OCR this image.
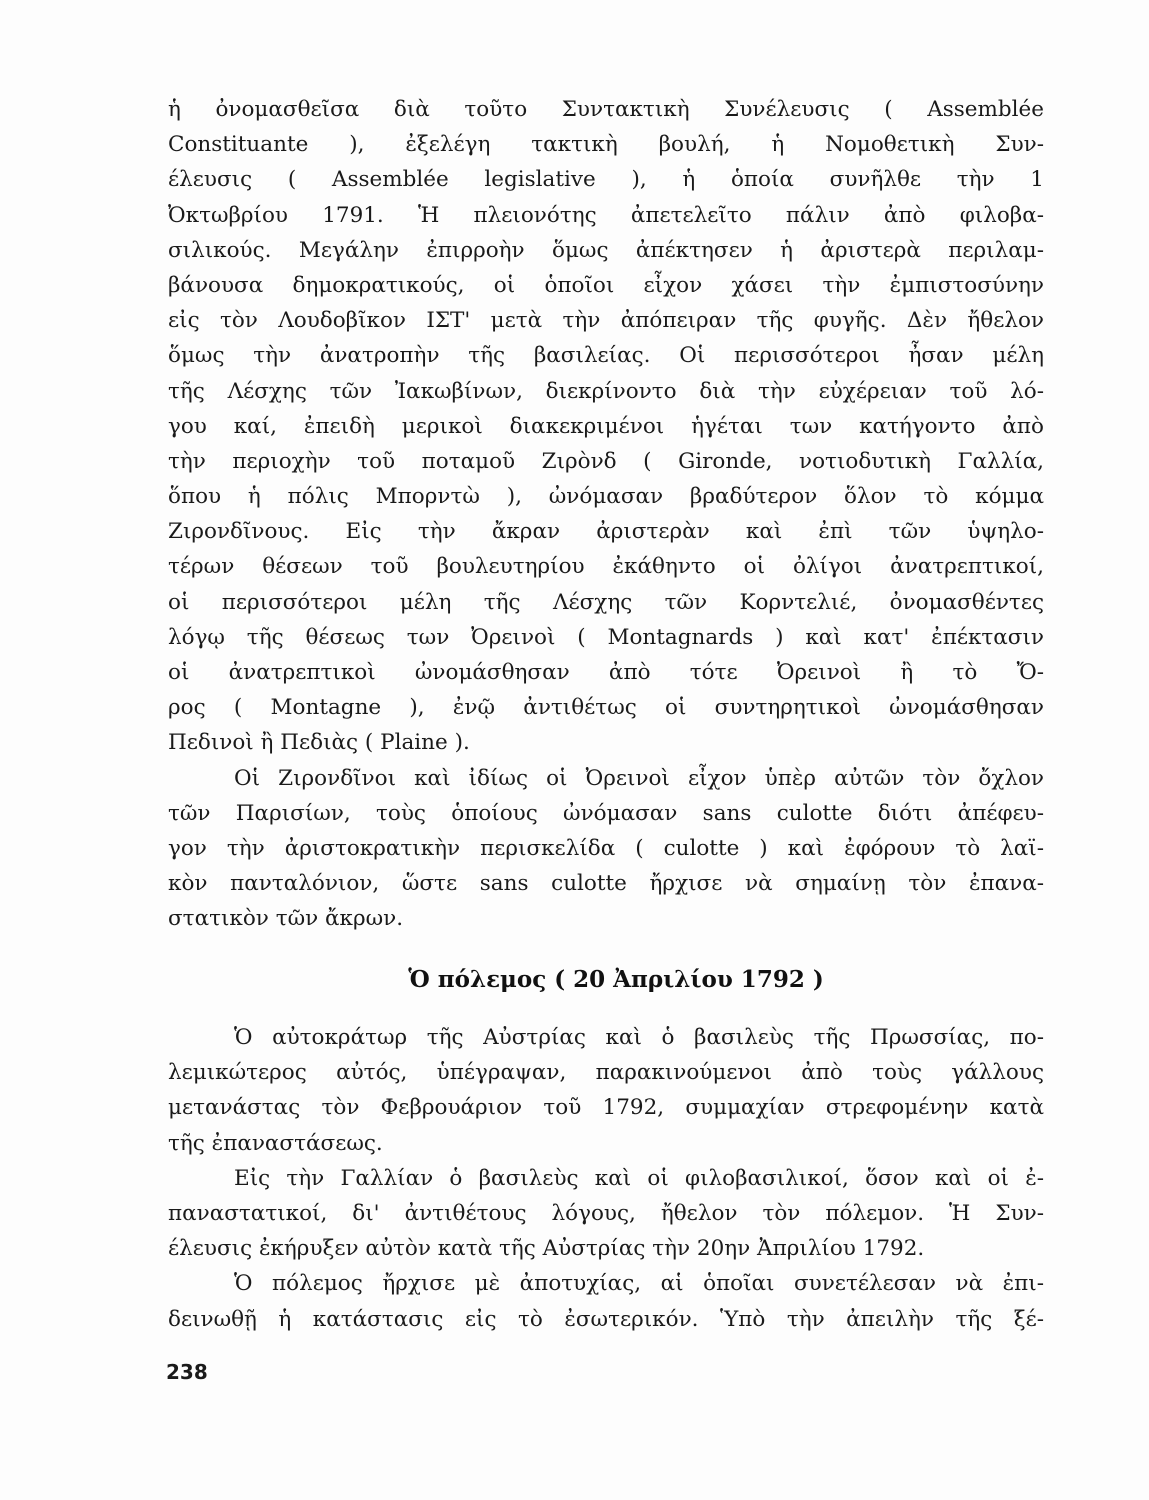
ἡ ὀνομασθεῖσα διὰ τοῦτο Συντακτικὴ Συνέλευσις ( Assemblée
Constituante ), ἐξελέγη τακτικὴ βουλή, ἡ Νομοθετικὴ Συν-
έλευσις ( Assemblée legislative ), ἡ ὁποία συνῆλθε τὴν 1
Ὀκτωβρίου 1791. Ἡ πλειονότης ἀπετελεῖτο πάλιν ἀπὸ φιλοβα-
σιλικούς. Μεγάλην ἐπιρροὴν ὅμως ἀπέκτησεν ἡ ἀριστερὰ περιλαμ-
βάνουσα δημοκρατικούς, οἱ ὁποῖοι εἶχον χάσει τὴν ἐμπιστοσύνην
εἰς τὸν Λουδοβῖκον ΙΣΤ' μετὰ τὴν ἀπόπειραν τῆς φυγῆς. Δὲν ἤθελον
ὅμως τὴν ἀνατροπὴν τῆς βασιλείας. Οἱ περισσότεροι ἦσαν μέλη
τῆς Λέσχης τῶν Ἰακωβίνων, διεκρίνοντο διὰ τὴν εὐχέρειαν τοῦ λό-
γου καί, ἐπειδὴ μερικοὶ διακεκριμένοι ἡγέται των κατήγοντο ἀπὸ
τὴν περιοχὴν τοῦ ποταμοῦ Ζιρὸνδ ( Gironde, νοτιοδυτικὴ Γαλλία,
ὅπου ἡ πόλις Μπορντὼ ), ὠνόμασαν βραδύτερον ὅλον τὸ κόμμα
Ζιρονδῖνους. Εἰς τὴν ἄκραν ἀριστερὰν καὶ ἐπὶ τῶν ὑψηλο-
τέρων θέσεων τοῦ βουλευτηρίου ἐκάθηντο οἱ ὀλίγοι ἀνατρεπτικοί,
οἱ περισσότεροι μέλη τῆς Λέσχης τῶν Κορντελιέ, ὀνομασθέντες
λόγῳ τῆς θέσεως των Ὀρεινοὶ ( Montagnards ) καὶ κατ' ἐπέκτασιν
οἱ ἀνατρεπτικοὶ ὠνομάσθησαν ἀπὸ τότε Ὀρεινοὶ ἢ τὸ Ὄ-
ρος ( Montagne ), ἐνῷ ἀντιθέτως οἱ συντηρητικοὶ ὠνομάσθησαν
Πεδινοὶ ἢ Πεδιὰς ( Plaine ).
Οἱ Ζιρονδῖνοι καὶ ἰδίως οἱ Ὀρεινοὶ εἶχον ὑπὲρ αὐτῶν τὸν ὄχλον
τῶν Παρισίων, τοὺς ὁποίους ὠνόμασαν sans culotte διότι ἀπέφευ-
γον τὴν ἀριστοκρατικὴν περισκελίδα ( culotte ) καὶ ἐφόρουν τὸ λαϊ-
κὸν πανταλόνιον, ὥστε sans culotte ἤρχισε νὰ σημαίνῃ τὸν ἐπανα-
στατικὸν τῶν ἄκρων.
Ὁ πόλεμος ( 20 Ἀπριλίου 1792 )
Ὁ αὐτοκράτωρ τῆς Αὐστρίας καὶ ὁ βασιλεὺς τῆς Πρωσσίας, πο-
λεμικώτερος αὐτός, ὑπέγραψαν, παρακινούμενοι ἀπὸ τοὺς γάλλους
μετανάστας τὸν Φεβρουάριον τοῦ 1792, συμμαχίαν στρεφομένην κατὰ
τῆς ἐπαναστάσεως.
Εἰς τὴν Γαλλίαν ὁ βασιλεὺς καὶ οἱ φιλοβασιλικοί, ὅσον καὶ οἱ ἐ-
παναστατικοί, δι' ἀντιθέτους λόγους, ἤθελον τὸν πόλεμον. Ἡ Συν-
έλευσις ἐκήρυξεν αὐτὸν κατὰ τῆς Αὐστρίας τὴν 20ην Ἀπριλίου 1792.
Ὁ πόλεμος ἤρχισε μὲ ἀποτυχίας, αἱ ὁποῖαι συνετέλεσαν νὰ ἐπι-
δεινωθῇ ἡ κατάστασις εἰς τὸ ἐσωτερικόν. Ὑπὸ τὴν ἀπειλὴν τῆς ξέ-
238
